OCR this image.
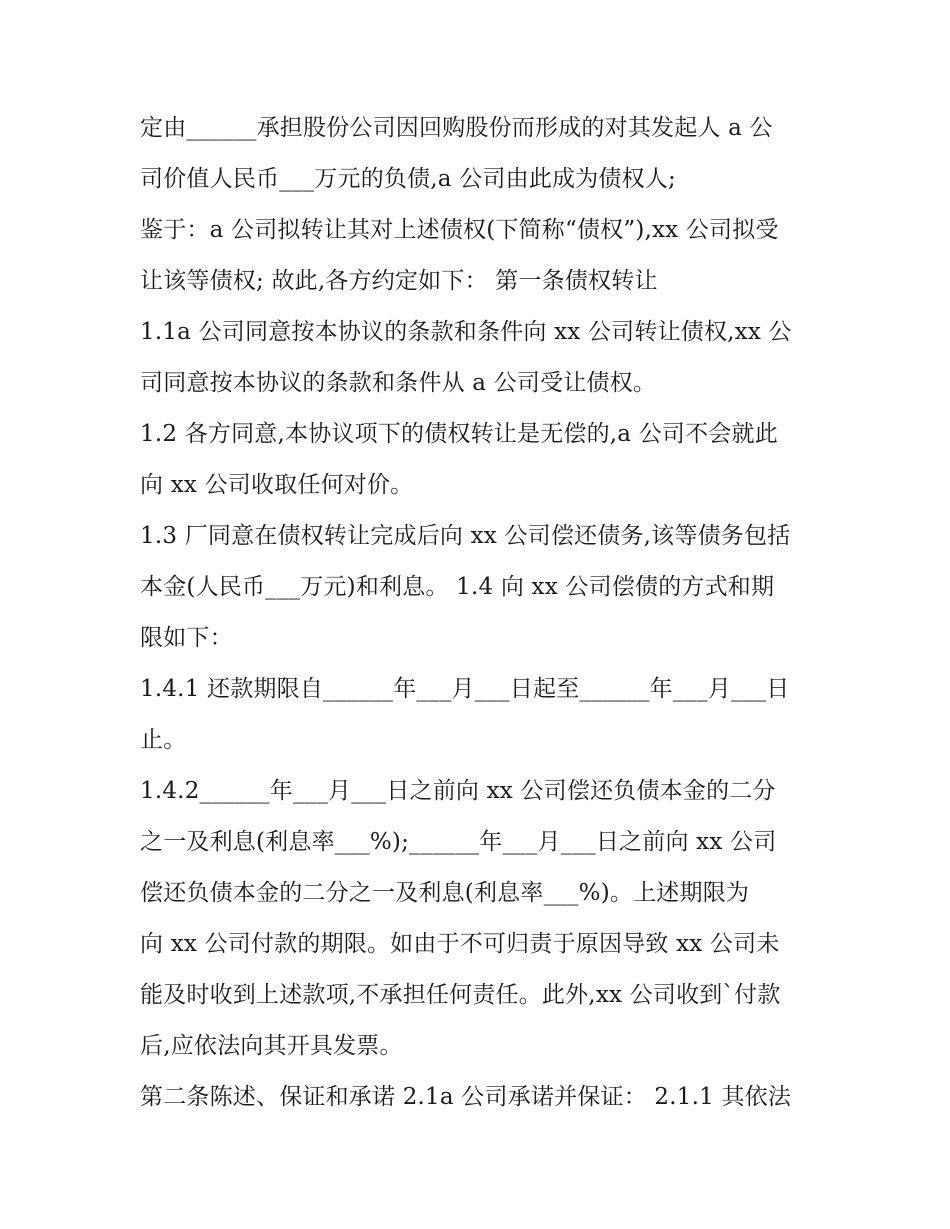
定由______承担股份公司因回购股份而形成的对其发起人 a 公
司价值人民币___万元的负债,a 公司由此成为债权人;
鉴于：a 公司拟转让其对上述债权(下简称“债权”),xx 公司拟受
让该等债权; 故此,各方约定如下： 第一条债权转让
1.1a 公司同意按本协议的条款和条件向 xx 公司转让债权,xx 公
司同意按本协议的条款和条件从 a 公司受让债权。
1.2 各方同意,本协议项下的债权转让是无偿的,a 公司不会就此
向 xx 公司收取任何对价。
1.3 厂同意在债权转让完成后向 xx 公司偿还债务,该等债务包括
本金(人民币___万元)和利息。 1.4 向 xx 公司偿债的方式和期
限如下：
1.4.1 还款期限自______年___月___日起至______年___月___日
止。
1.4.2______年___月___日之前向 xx 公司偿还负债本金的二分
之一及利息(利息率___%);______年___月___日之前向 xx 公司
偿还负债本金的二分之一及利息(利息率___%)。上述期限为
向 xx 公司付款的期限。如由于不可归责于原因导致 xx 公司未
能及时收到上述款项,不承担任何责任。此外,xx 公司收到`付款
后,应依法向其开具发票。
第二条陈述、保证和承诺 2.1a 公司承诺并保证： 2.1.1 其依法
